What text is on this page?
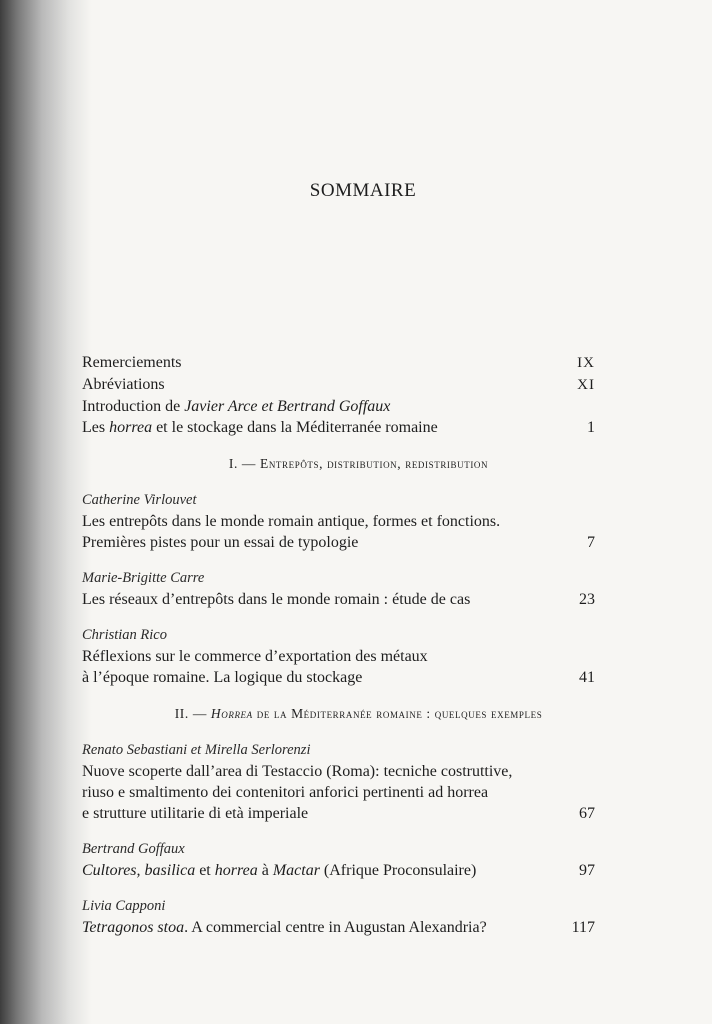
SOMMAIRE
Remerciements	IX
Abréviations	XI
Introduction de Javier Arce et Bertrand Goffaux
Les horrea et le stockage dans la Méditerranée romaine	1
I. — Entrepôts, distribution, redistribution
Catherine Virlouvet
Les entrepôts dans le monde romain antique, formes et fonctions.
Premières pistes pour un essai de typologie	7
Marie-Brigitte Carre
Les réseaux d’entrepôts dans le monde romain : étude de cas	23
Christian Rico
Réflexions sur le commerce d’exportation des métaux
à l’époque romaine. La logique du stockage	41
II. — Horrea de la Méditerranée romaine : quelques exemples
Renato Sebastiani et Mirella Serlorenzi
Nuove scoperte dall’area di Testaccio (Roma): tecniche costruttive,
riuso e smaltimento dei contenitori anforici pertinenti ad horrea
e strutture utilitarie di età imperiale	67
Bertrand Goffaux
Cultores, basilica et horrea à Mactar (Afrique Proconsulaire)	97
Livia Capponi
Tetragonos stoa. A commercial centre in Augustan Alexandria?	117
